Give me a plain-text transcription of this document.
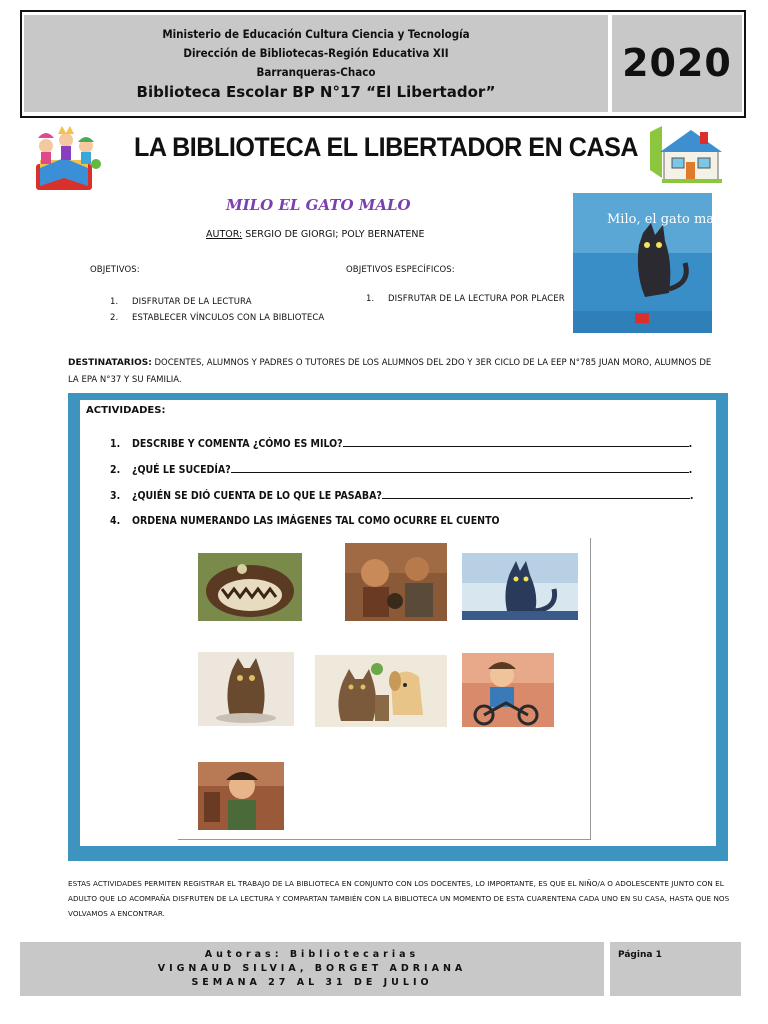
Ministerio de Educación Cultura Ciencia y Tecnología
Dirección de Bibliotecas-Región Educativa XII
Barranqueras-Chaco
Biblioteca Escolar BP N°17 “El Libertador”
2020
LA BIBLIOTECA EL LIBERTADOR EN CASA
MILO EL GATO MALO
AUTOR: SERGIO DE GIORGI; POLY BERNATENE
Milo, el gato malo
OBJETIVOS:	OBJETIVOS ESPECÍFICOS:
1. DISFRUTAR DE LA LECTURA
2. ESTABLECER VÍNCULOS CON LA BIBLIOTECA
1. DISFRUTAR DE LA LECTURA POR PLACER
DESTINATARIOS: DOCENTES, ALUMNOS Y PADRES O TUTORES DE LOS ALUMNOS DEL 2DO Y 3ER CICLO DE LA EEP N°785 JUAN MORO, ALUMNOS DE LA EPA N°37 Y SU FAMILIA.
ACTIVIDADES:
1. DESCRIBE Y COMENTA ¿CÓMO ES MILO?	.
2. ¿QUÉ LE SUCEDÍA?	.
3. ¿QUIÉN SE DIÓ CUENTA DE LO QUE LE PASABA?	.
4. ORDENA NUMERANDO LAS IMÁGENES TAL COMO OCURRE EL CUENTO
ESTAS ACTIVIDADES PERMITEN REGISTRAR EL TRABAJO DE LA BIBLIOTECA EN CONJUNTO CON LOS DOCENTES, LO IMPORTANTE, ES QUE EL NIÑO/A O ADOLESCENTE JUNTO CON EL ADULTO QUE LO ACOMPAÑA DISFRUTEN DE LA LECTURA Y COMPARTAN TAMBIÉN CON LA BIBLIOTECA UN MOMENTO DE ESTA CUARENTENA CADA UNO EN SU CASA, HASTA QUE NOS VOLVAMOS A ENCONTRAR.
Autoras: Bibliotecarias
VIGNAUD SILVIA, BORGET ADRIANA
SEMANA 27 AL 31 DE JULIO
Página 1
